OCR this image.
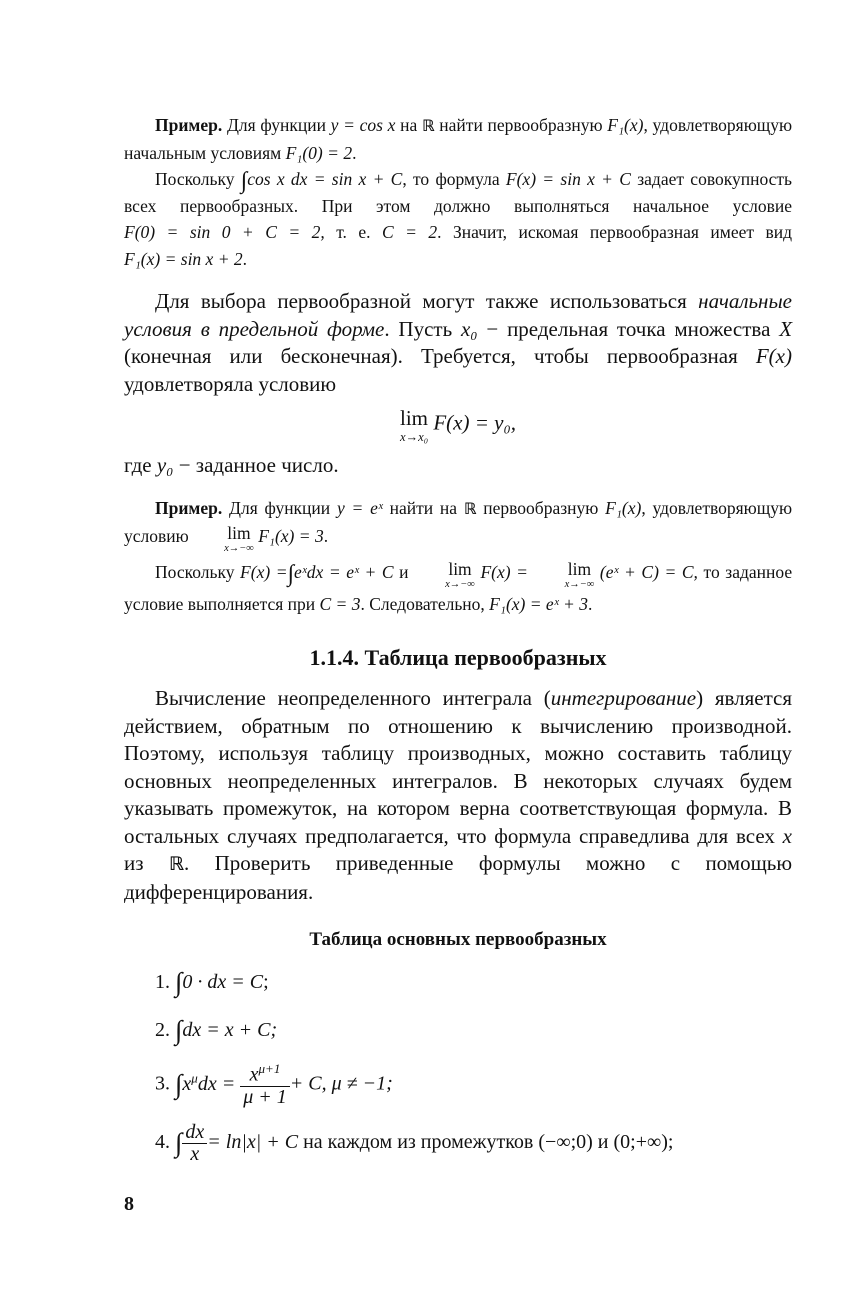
Пример. Для функции y = cos x на ℝ найти первообразную F₁(x), удовлетворяющую начальным условиям F₁(0) = 2.

Поскольку ∫cos x dx = sin x + C, то формула F(x) = sin x + C задает совокупность всех первообразных. При этом должно выполняться начальное условие F(0) = sin 0 + C = 2, т. е. C = 2. Значит, искомая первообразная имеет вид F₁(x) = sin x + 2.

Для выбора первообразной могут также использоваться начальные условия в предельной форме. Пусть x₀ − предельная точка множества X (конечная или бесконечная). Требуется, чтобы первообразная F(x) удовлетворяла условию

lim
x→x₀
F(x) = y₀,

где y₀ − заданное число.

Пример. Для функции y = eˣ найти на ℝ первообразную F₁(x), удовлетворяющую условию	lim
x→−∞
F₁(x) = 3.

Поскольку F(x) =∫eˣdx = eˣ + C и	lim
x→−∞
F(x) =	lim
x→−∞
(eˣ + C) = C, то заданное условие выполняется при C = 3. Следовательно, F₁(x) = eˣ + 3.

1.1.4. Таблица первообразных

Вычисление неопределенного интеграла (интегрирование) является действием, обратным по отношению к вычислению производной. Поэтому, используя таблицу производных, можно составить таблицу основных неопределенных интегралов. В некоторых случаях будем указывать промежуток, на котором верна соответствующая формула. В остальных случаях предполагается, что формула справедлива для всех x из ℝ. Проверить приведенные формулы можно с помощью дифференцирования.

Таблица основных первообразных

1. ∫0 · dx = C;

2. ∫dx = x + C;

3. $\int x^\mu dx = \frac{x^{\mu+1}}{\mu + 1} + C$, μ ≠ −1;

4. ∫ $\frac{dx}{x} = \ln|x| + C$ на каждом из промежутков (−∞;0) и (0;+∞);

8
